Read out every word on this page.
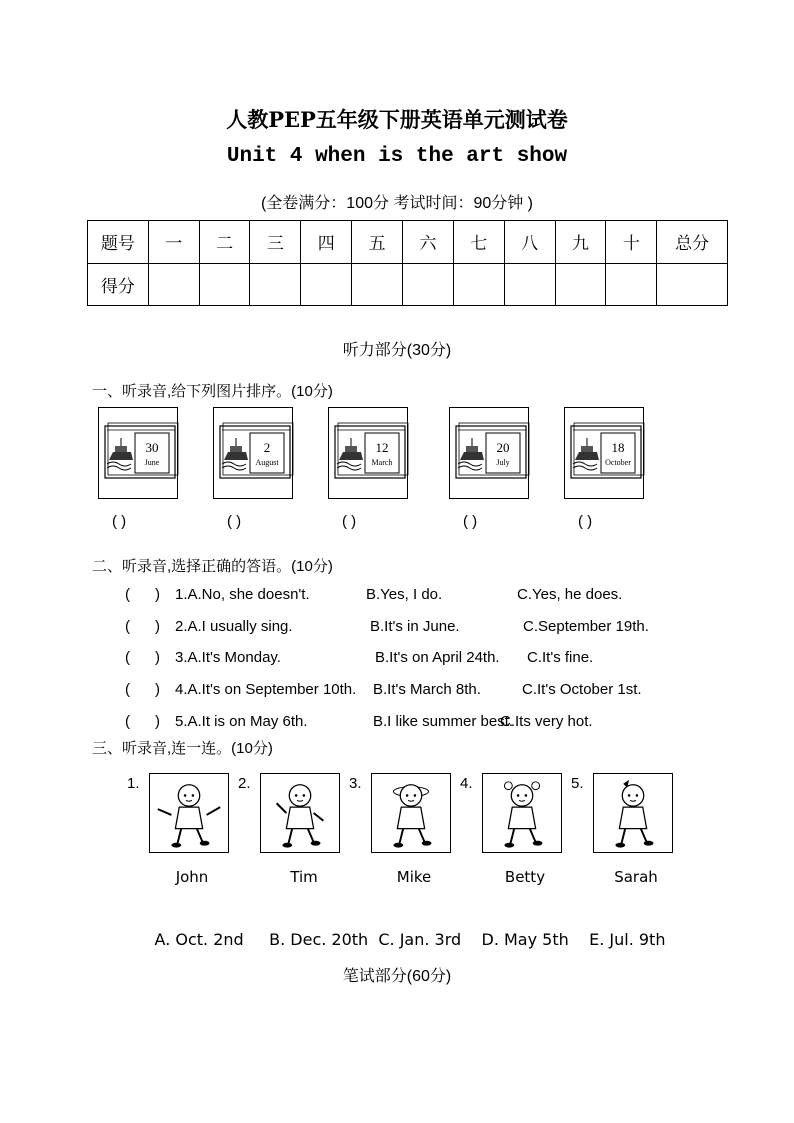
人教PEP五年级下册英语单元测试卷
Unit 4 when is the art show
(全卷满分：100分 考试时间：90分钟 )
题号	一	二	三	四	五	六	七	八	九	十	总分
得分											
听力部分(30分)
一、听录音,给下列图片排序。(10分)
30
June
( )
2
August
( )
12
March
( )
20
July
( )
18
October
( )
二、听录音,选择正确的答语。(10分)
(      ) 1.A.No, she doesn't.	B.Yes, I do.	C.Yes, he does.
(      ) 2.A.I usually sing.	B.It's in June.	C.September 19th.
(      ) 3.A.It's Monday.	B.It's on April 24th. C.It's fine.
(      ) 4.A.It's on September 10th. B.It's March 8th.	C.It's October 1st.
(      ) 5.A.It is on May 6th.	B.I like summer best.
C.Its very hot.
三、听录音,连一连。(10分)
1.
John
2.
Tim
3.
Mike
4.
Betty
5.
Sarah
A. Oct. 2nd     B. Dec. 20th  C. Jan. 3rd    D. May 5th    E. Jul. 9th
笔试部分(60分)
